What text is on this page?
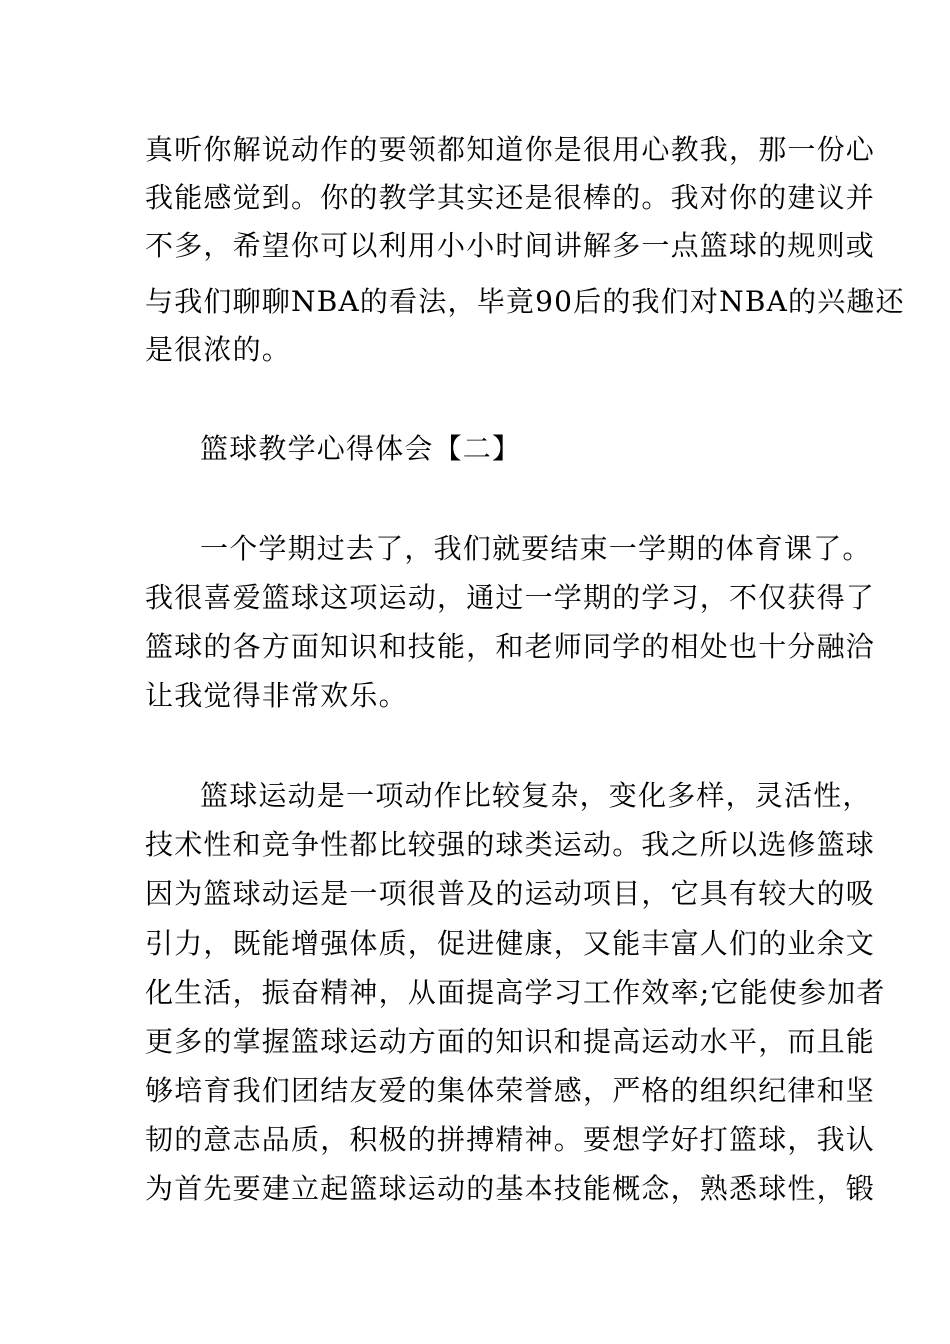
真听你解说动作的要领都知道你是很用心教我，那一份心

我能感觉到。你的教学其实还是很棒的。我对你的建议并

不多，希望你可以利用小小时间讲解多一点篮球的规则或

与我们聊聊NBA的看法，毕竟90后的我们对NBA的兴趣还

是很浓的。

篮球教学心得体会【二】

一个学期过去了，我们就要结束一学期的体育课了。

我很喜爱篮球这项运动，通过一学期的学习，不仅获得了

篮球的各方面知识和技能，和老师同学的相处也十分融洽

让我觉得非常欢乐。

篮球运动是一项动作比较复杂，变化多样，灵活性，

技术性和竞争性都比较强的球类运动。我之所以选修篮球

因为篮球动运是一项很普及的运动项目，它具有较大的吸

引力，既能增强体质，促进健康，又能丰富人们的业余文

化生活，振奋精神，从面提高学习工作效率;它能使参加者

更多的掌握篮球运动方面的知识和提高运动水平，而且能

够培育我们团结友爱的集体荣誉感，严格的组织纪律和坚

韧的意志品质，积极的拼搏精神。要想学好打篮球，我认

为首先要建立起篮球运动的基本技能概念，熟悉球性，锻
